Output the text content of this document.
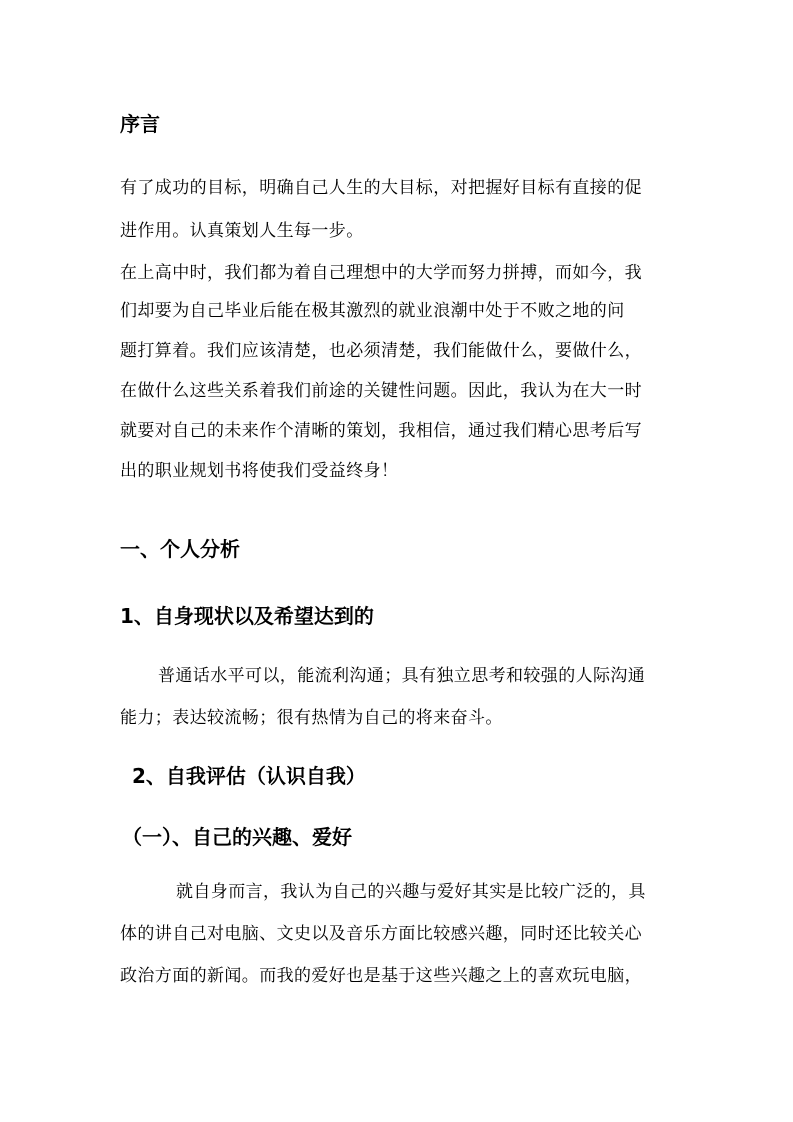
序言

有了成功的目标，明确自己人生的大目标，对把握好目标有直接的促

进作用。认真策划人生每一步。

在上高中时，我们都为着自己理想中的大学而努力拼搏，而如今，我

们却要为自己毕业后能在极其激烈的就业浪潮中处于不败之地的问

题打算着。我们应该清楚，也必须清楚，我们能做什么，要做什么，

在做什么这些关系着我们前途的关键性问题。因此，我认为在大一时

就要对自己的未来作个清晰的策划，我相信，通过我们精心思考后写

出的职业规划书将使我们受益终身！

一、个人分析
1、自身现状以及希望达到的

普通话水平可以，能流利沟通；具有独立思考和较强的人际沟通

能力；表达较流畅；很有热情为自己的将来奋斗。

2、自我评估（认识自我）
（一）、自己的兴趣、爱好

就自身而言，我认为自己的兴趣与爱好其实是比较广泛的，具

体的讲自己对电脑、文史以及音乐方面比较感兴趣，同时还比较关心

政治方面的新闻。而我的爱好也是基于这些兴趣之上的喜欢玩电脑，
